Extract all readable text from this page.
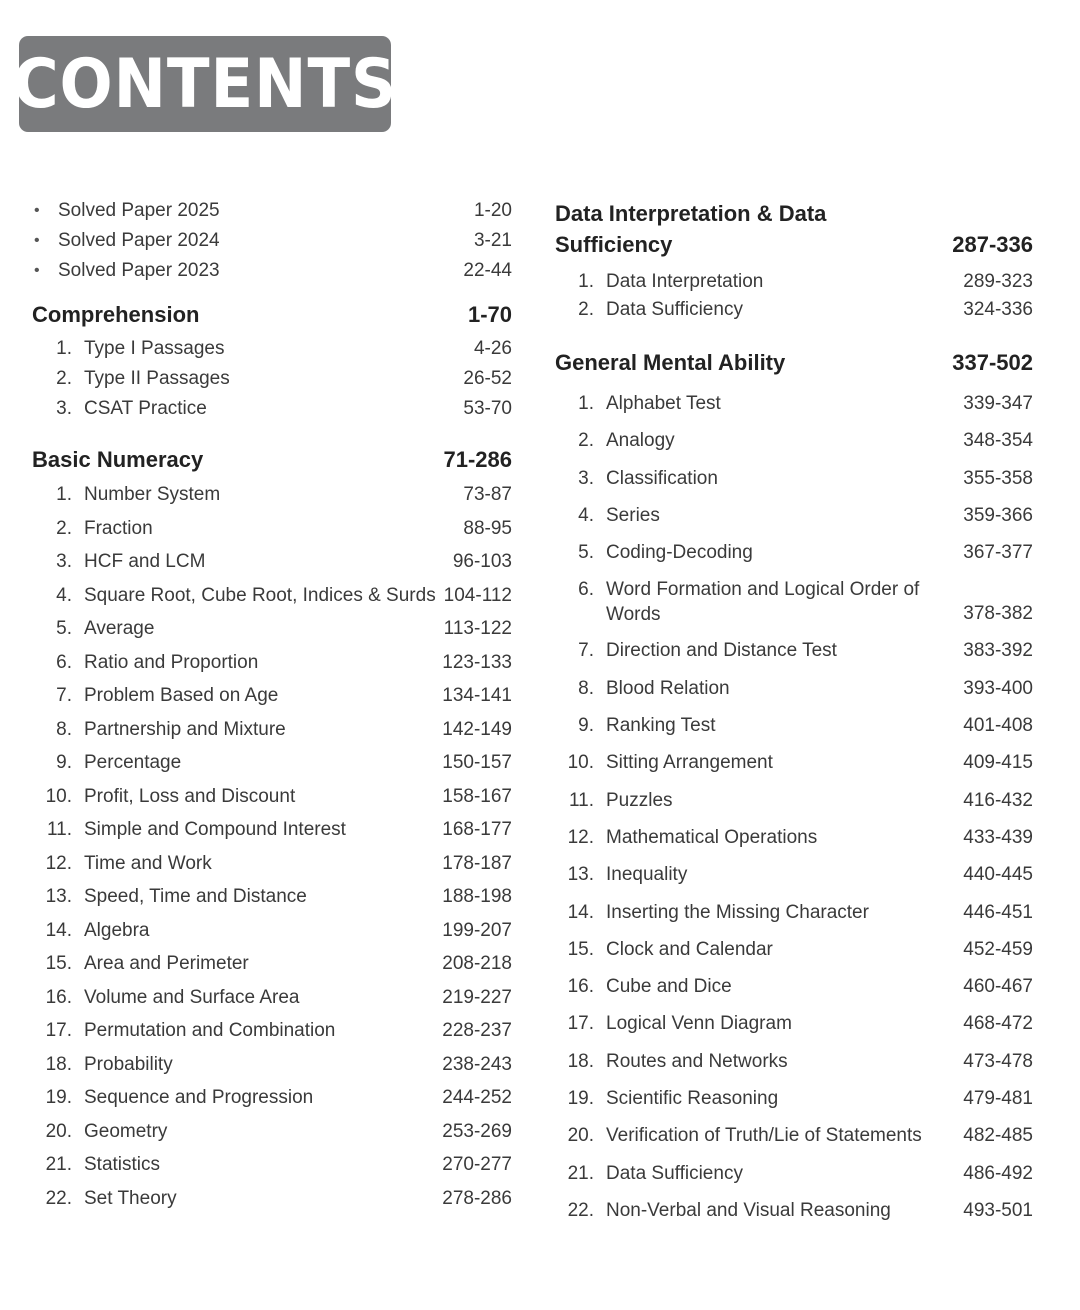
CONTENTS
• Solved Paper 2025	1-20
• Solved Paper 2024	3-21
• Solved Paper 2023	22-44
Comprehension	1-70
1. Type I Passages	4-26
2. Type II Passages	26-52
3. CSAT Practice	53-70
Basic Numeracy	71-286
1. Number System	73-87
2. Fraction	88-95
3. HCF and LCM	96-103
4. Square Root, Cube Root, Indices & Surds 104-112
5. Average	113-122
6. Ratio and Proportion	123-133
7. Problem Based on Age	134-141
8. Partnership and Mixture	142-149
9. Percentage	150-157
10. Profit, Loss and Discount	158-167
11. Simple and Compound Interest	168-177
12. Time and Work	178-187
13. Speed, Time and Distance	188-198
14. Algebra	199-207
15. Area and Perimeter	208-218
16. Volume and Surface Area	219-227
17. Permutation and Combination	228-237
18. Probability	238-243
19. Sequence and Progression	244-252
20. Geometry	253-269
21. Statistics	270-277
22. Set Theory	278-286
Data Interpretation & Data
Sufficiency	287-336
1. Data Interpretation	289-323
2. Data Sufficiency	324-336
General Mental Ability	337-502
1. Alphabet Test	339-347
2. Analogy	348-354
3. Classification	355-358
4. Series	359-366
5. Coding-Decoding	367-377
6. Word Formation and Logical Order of Words	378-382
7. Direction and Distance Test	383-392
8. Blood Relation	393-400
9. Ranking Test	401-408
10. Sitting Arrangement	409-415
11. Puzzles	416-432
12. Mathematical Operations	433-439
13. Inequality	440-445
14. Inserting the Missing Character	446-451
15. Clock and Calendar	452-459
16. Cube and Dice	460-467
17. Logical Venn Diagram	468-472
18. Routes and Networks	473-478
19. Scientific Reasoning	479-481
20. Verification of Truth/Lie of Statements 482-485
21. Data Sufficiency	486-492
22. Non-Verbal and Visual Reasoning	493-501
